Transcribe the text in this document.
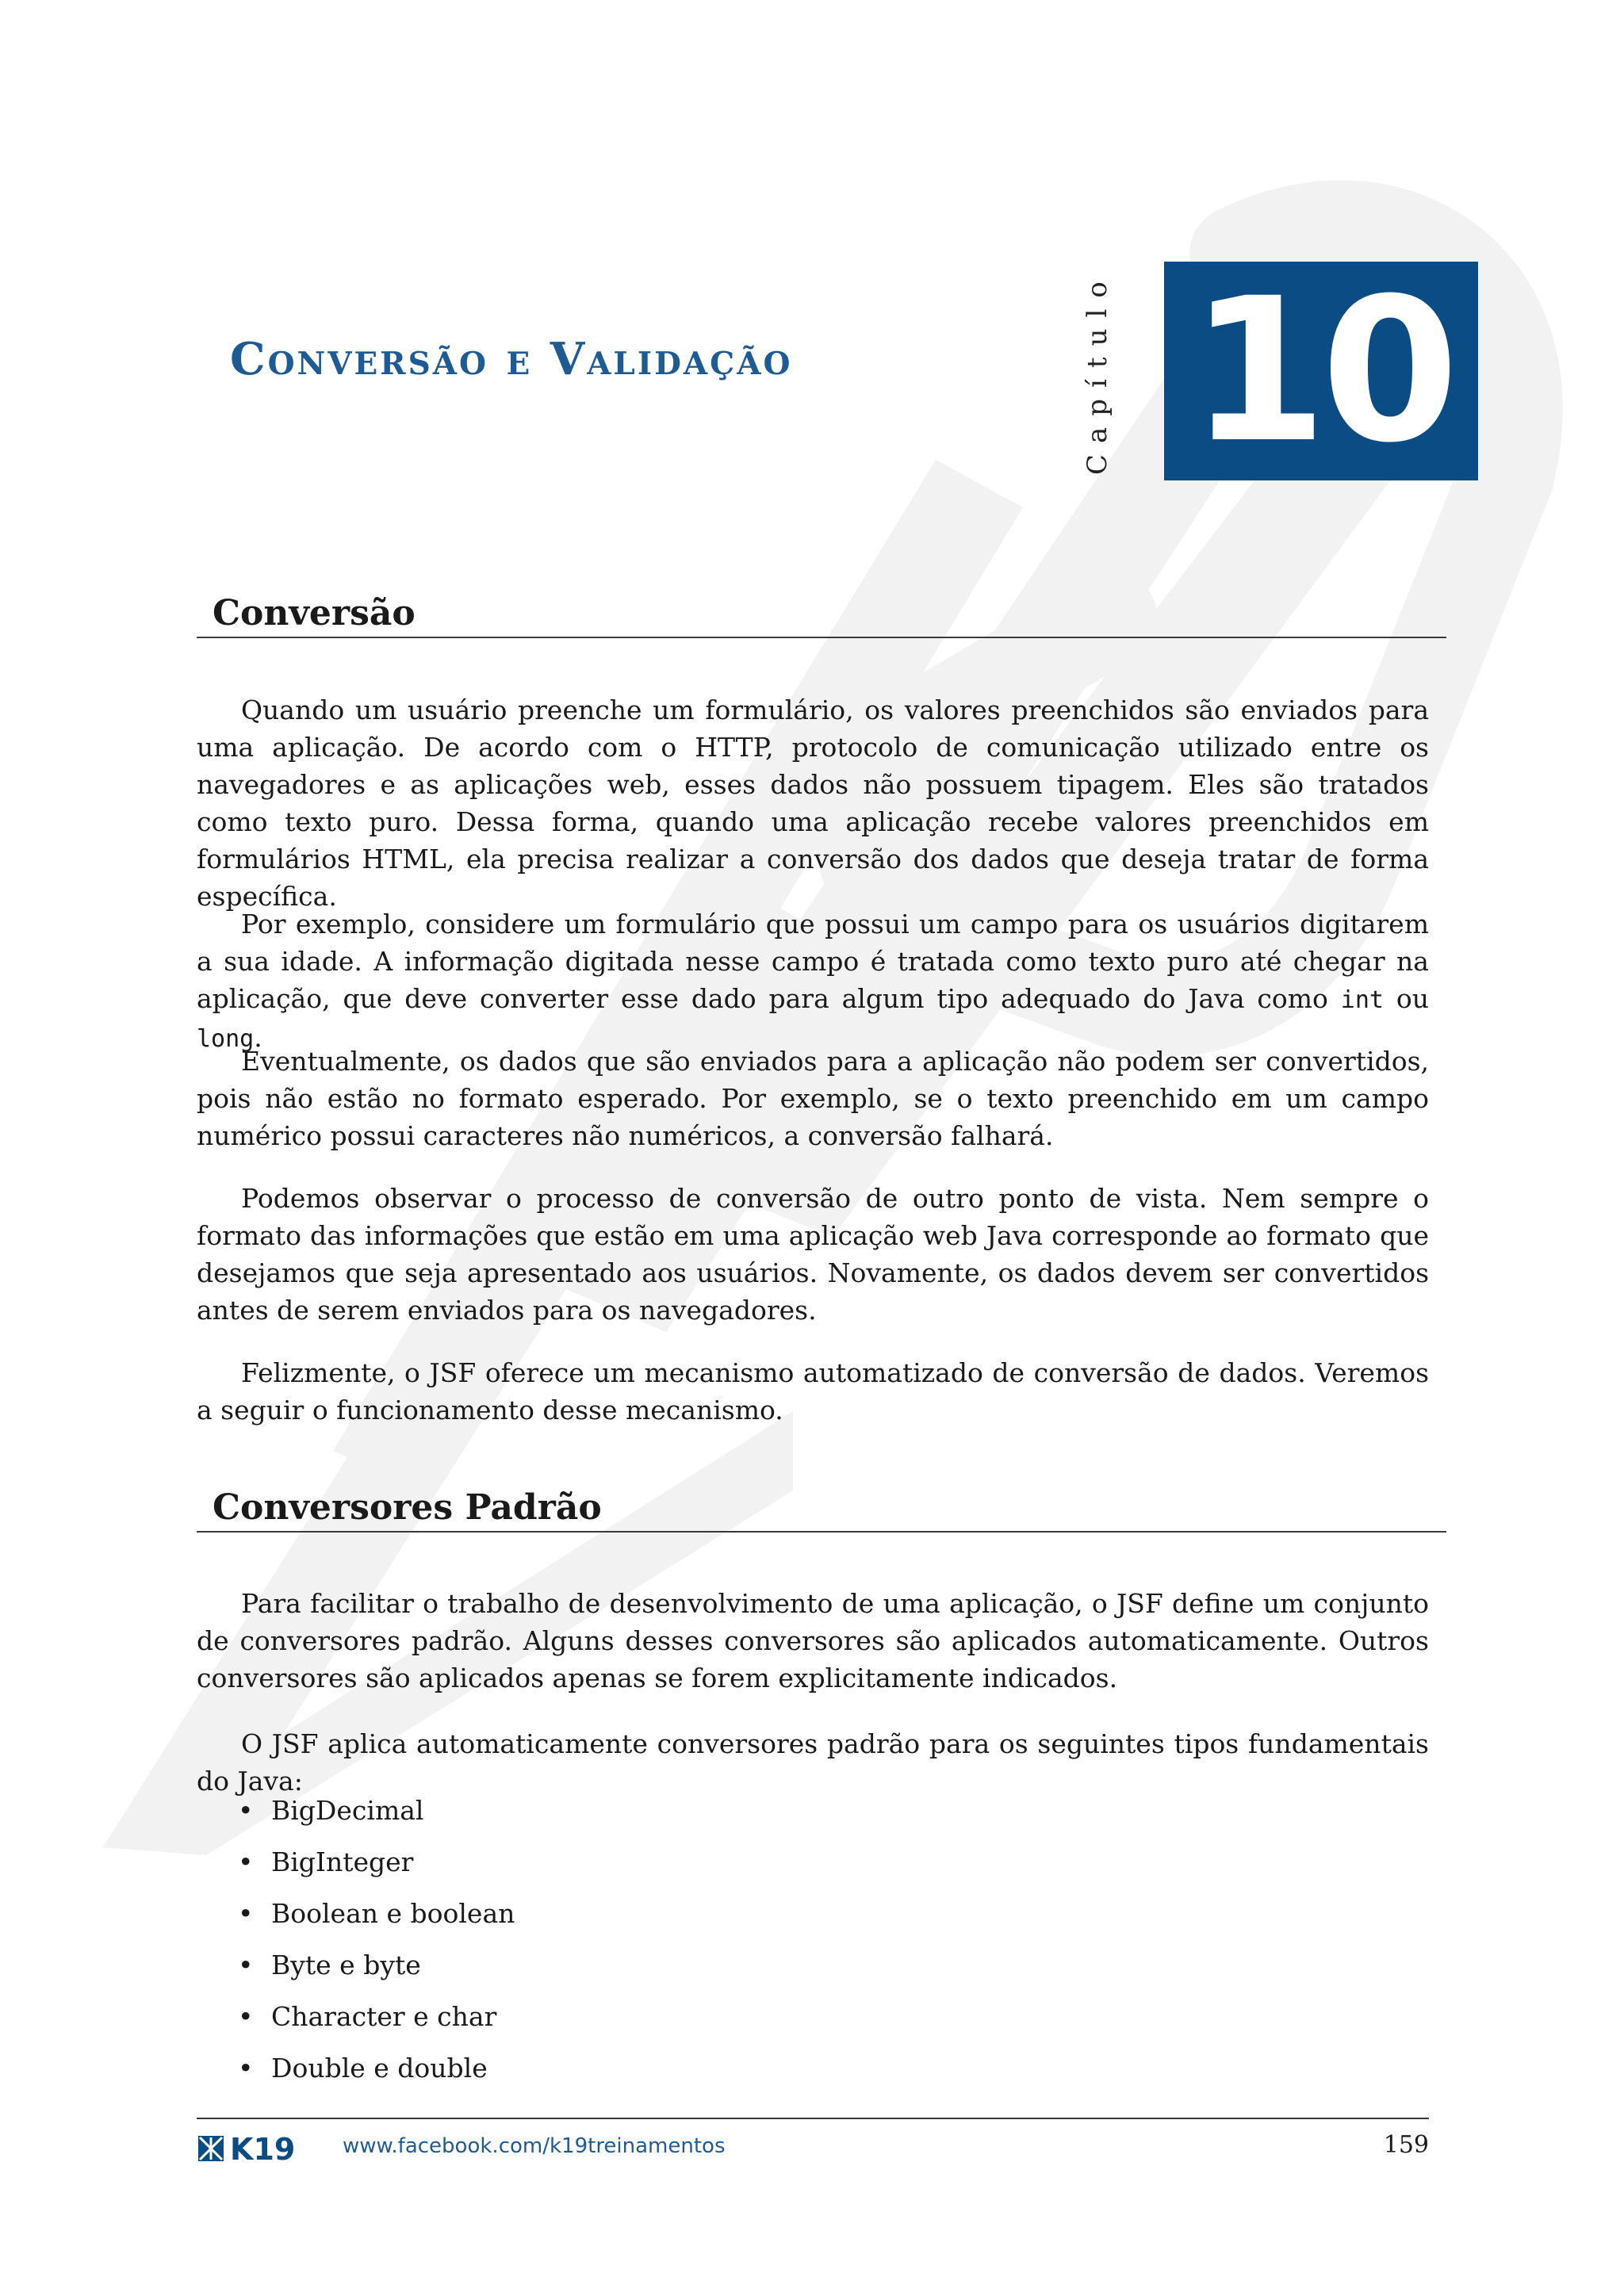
Conversão e Validação	Capítulo 10
Conversão

Quando um usuário preenche um formulário, os valores preenchidos são enviados para uma aplicação. De acordo com o HTTP, protocolo de comunicação utilizado entre os navegadores e as aplicações web, esses dados não possuem tipagem. Eles são tratados como texto puro. Dessa forma, quando uma aplicação recebe valores preenchidos em formulários HTML, ela precisa realizar a conversão dos dados que deseja tratar de forma específica.

Por exemplo, considere um formulário que possui um campo para os usuários digitarem a sua idade. A informação digitada nesse campo é tratada como texto puro até chegar na aplicação, que deve converter esse dado para algum tipo adequado do Java como int ou long.

Eventualmente, os dados que são enviados para a aplicação não podem ser convertidos, pois não estão no formato esperado. Por exemplo, se o texto preenchido em um campo numérico possui caracteres não numéricos, a conversão falhará.

Podemos observar o processo de conversão de outro ponto de vista. Nem sempre o formato das informações que estão em uma aplicação web Java corresponde ao formato que desejamos que seja apresentado aos usuários. Novamente, os dados devem ser convertidos antes de serem enviados para os navegadores.

Felizmente, o JSF oferece um mecanismo automatizado de conversão de dados. Veremos a seguir o funcionamento desse mecanismo.

Conversores Padrão

Para facilitar o trabalho de desenvolvimento de uma aplicação, o JSF define um conjunto de conversores padrão. Alguns desses conversores são aplicados automaticamente. Outros conversores são aplicados apenas se forem explicitamente indicados.

O JSF aplica automaticamente conversores padrão para os seguintes tipos fundamentais do Java:

• BigDecimal
• BigInteger
• Boolean e boolean
• Byte e byte
• Character e char
• Double e double
K19 www.facebook.com/k19treinamentos	159
